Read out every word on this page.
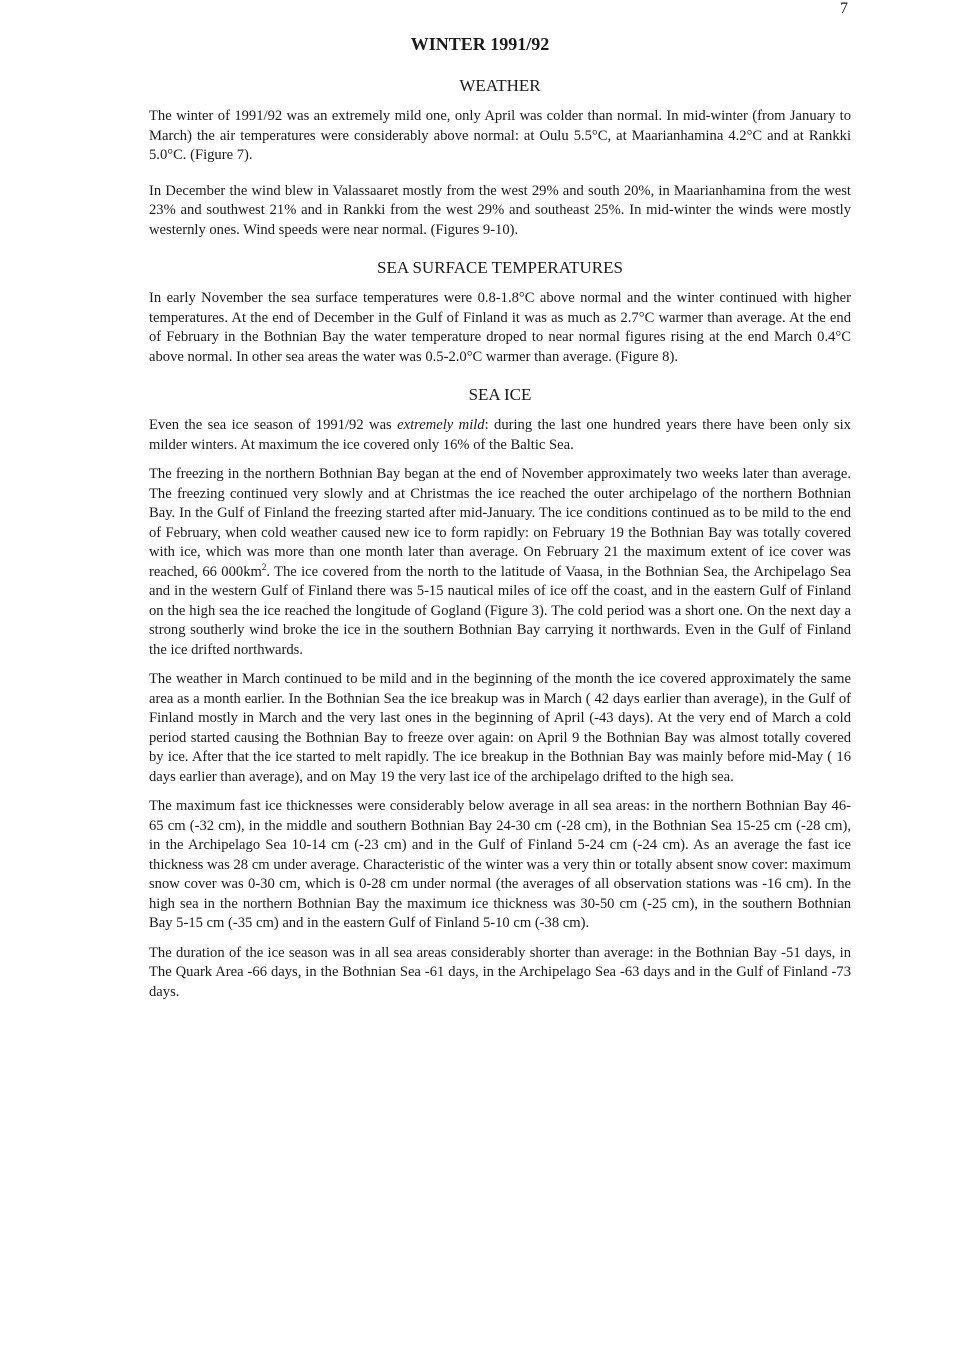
7
WINTER 1991/92
WEATHER

The winter of 1991/92 was an extremely mild one, only April was colder than normal. In mid-winter (from January to March) the air temperatures were considerably above normal: at Oulu 5.5°C, at Maarianhamina 4.2°C and at Rankki 5.0°C. (Figure 7).

In December the wind blew in Valassaaret mostly from the west 29% and south 20%, in Maarianhamina from the west 23% and southwest 21% and in Rankki from the west 29% and southeast 25%. In mid-winter the winds were mostly westernly ones. Wind speeds were near normal. (Figures 9-10).

SEA SURFACE TEMPERATURES

In early November the sea surface temperatures were 0.8-1.8°C above normal and the winter continued with higher temperatures. At the end of December in the Gulf of Finland it was as much as 2.7°C warmer than average. At the end of February in the Bothnian Bay the water temperature droped to near normal figures rising at the end March 0.4°C above normal. In other sea areas the water was 0.5-2.0°C warmer than average. (Figure 8).

SEA ICE

Even the sea ice season of 1991/92 was extremely mild: during the last one hundred years there have been only six milder winters. At maximum the ice covered only 16% of the Baltic Sea.

The freezing in the northern Bothnian Bay began at the end of November approximately two weeks later than average. The freezing continued very slowly and at Christmas the ice reached the outer archipelago of the northern Bothnian Bay. In the Gulf of Finland the freezing started after mid-January. The ice conditions continued as to be mild to the end of February, when cold weather caused new ice to form rapidly: on February 19 the Bothnian Bay was totally covered with ice, which was more than one month later than average. On February 21 the maximum extent of ice cover was reached, 66 $000km^2$. The ice covered from the north to the latitude of Vaasa, in the Bothnian Sea, the Archipelago Sea and in the western Gulf of Finland there was 5-15 nautical miles of ice off the coast, and in the eastern Gulf of Finland on the high sea the ice reached the longitude of Gogland (Figure 3). The cold period was a short one. On the next day a strong southerly wind broke the ice in the southern Bothnian Bay carrying it northwards. Even in the Gulf of Finland the ice drifted northwards.

The weather in March continued to be mild and in the beginning of the month the ice covered approximately the same area as a month earlier. In the Bothnian Sea the ice breakup was in March ( 42 days earlier than average), in the Gulf of Finland mostly in March and the very last ones in the beginning of April (-43 days). At the very end of March a cold period started causing the Bothnian Bay to freeze over again: on April 9 the Bothnian Bay was almost totally covered by ice. After that the ice started to melt rapidly. The ice breakup in the Bothnian Bay was mainly before mid-May ( 16 days earlier than average), and on May 19 the very last ice of the archipelago drifted to the high sea.

The maximum fast ice thicknesses were considerably below average in all sea areas: in the northern Bothnian Bay 46-65 cm (-32 cm), in the middle and southern Bothnian Bay 24-30 cm (-28 cm), in the Bothnian Sea 15-25 cm (-28 cm), in the Archipelago Sea 10-14 cm (-23 cm) and in the Gulf of Finland 5-24 cm (-24 cm). As an average the fast ice thickness was 28 cm under average. Characteristic of the winter was a very thin or totally absent snow cover: maximum snow cover was 0-30 cm, which is 0-28 cm under normal (the averages of all observation stations was -16 cm). In the high sea in the northern Bothnian Bay the maximum ice thickness was 30-50 cm (-25 cm), in the southern Bothnian Bay 5-15 cm (-35 cm) and in the eastern Gulf of Finland 5-10 cm (-38 cm).

The duration of the ice season was in all sea areas considerably shorter than average: in the Bothnian Bay -51 days, in The Quark Area -66 days, in the Bothnian Sea -61 days, in the Archipelago Sea -63 days and in the Gulf of Finland -73 days.
